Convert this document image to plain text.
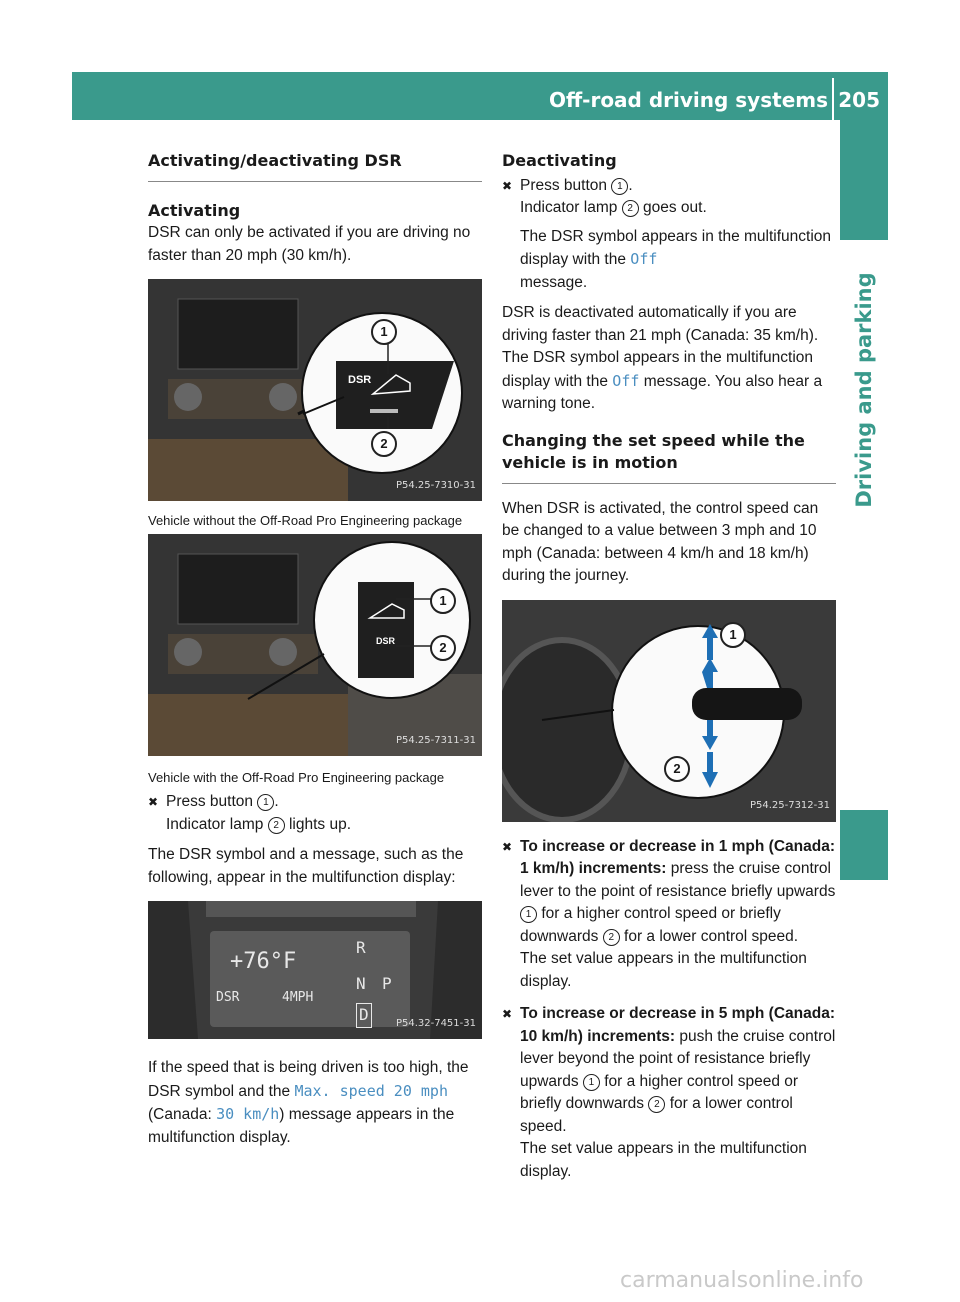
Off-road driving systems 205
Driving and parking
Activating/deactivating DSR
Activating

DSR can only be activated if you are driving no faster than 20 mph (30 km/h).

DSR
1
2
P54.25-7310-31

Vehicle without the Off-Road Pro Engineering package

DSR
1
2
P54.25-7311-31

Vehicle with the Off-Road Pro Engineering package

✖ Press button 1 .
Indicator lamp 2 lights up.

The DSR symbol and a message, such as the following, appear in the multifunction display:

+76°F
DSR	4MPH
R
N
D
P
P54.32-7451-31

If the speed that is being driven is too high, the DSR symbol and the Max. speed 20 mph (Canada: 30 km/h) message appears in the multifunction display.

Deactivating
✖ Press button 1 .
Indicator lamp 2 goes out.

The DSR symbol appears in the multifunction display with the Off
message.

DSR is deactivated automatically if you are driving faster than 21 mph (Canada: 35 km/h). The DSR symbol appears in the multifunction display with the Off message. You also hear a warning tone.

Changing the set speed while the vehicle is in motion

When DSR is activated, the control speed can be changed to a value between 3 mph and 10 mph (Canada: between 4 km/h and 18 km/h) during the journey.

1
2
P54.25-7312-31
✖ To increase or decrease in 1 mph (Canada: 1 km/h) increments: press the cruise control lever to the point of resistance briefly upwards 1 for a higher control speed or briefly downwards 2 for a lower control speed.
The set value appears in the multifunction display.
✖ To increase or decrease in 5 mph (Canada: 10 km/h) increments: push the cruise control lever beyond the point of resistance briefly upwards 1 for a higher control speed or briefly downwards 2 for a lower control speed.
The set value appears in the multifunction display.
carmanualsonline.info
